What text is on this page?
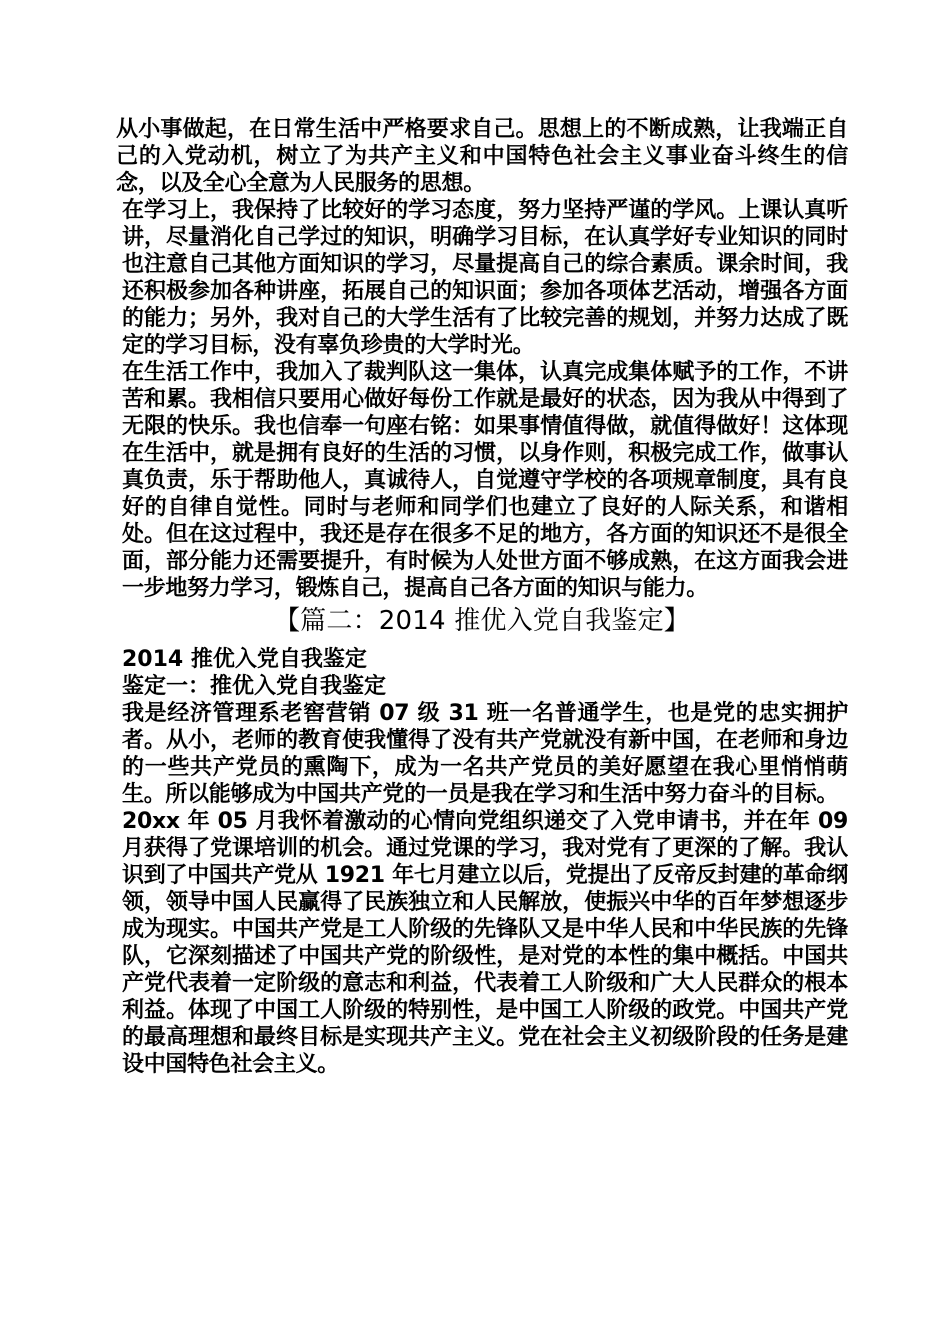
从小事做起，在日常生活中严格要求自己。思想上的不断成熟，让我端正自己的入党动机，树立了为共产主义和中国特色社会主义事业奋斗终生的信念，以及全心全意为人民服务的思想。

在学习上，我保持了比较好的学习态度，努力坚持严谨的学风。上课认真听讲，尽量消化自己学过的知识，明确学习目标，在认真学好专业知识的同时也注意自己其他方面知识的学习，尽量提高自己的综合素质。课余时间，我还积极参加各种讲座，拓展自己的知识面；参加各项体艺活动，增强各方面的能力；另外，我对自己的大学生活有了比较完善的规划，并努力达成了既定的学习目标，没有辜负珍贵的大学时光。

在生活工作中，我加入了裁判队这一集体，认真完成集体赋予的工作，不讲苦和累。我相信只要用心做好每份工作就是最好的状态，因为我从中得到了无限的快乐。我也信奉一句座右铭：如果事情值得做，就值得做好！这体现在生活中，就是拥有良好的生活的习惯，以身作则，积极完成工作，做事认真负责，乐于帮助他人，真诚待人，自觉遵守学校的各项规章制度，具有良好的自律自觉性。同时与老师和同学们也建立了良好的人际关系，和谐相处。但在这过程中，我还是存在很多不足的地方，各方面的知识还不是很全面，部分能力还需要提升，有时候为人处世方面不够成熟，在这方面我会进一步地努力学习，锻炼自己，提高自己各方面的知识与能力。

【篇二：2014 推优入党自我鉴定】

2014 推优入党自我鉴定

鉴定一：推优入党自我鉴定

我是经济管理系老窖营销 07 级 31 班一名普通学生，也是党的忠实拥护者。从小，老师的教育使我懂得了没有共产党就没有新中国，在老师和身边的一些共产党员的熏陶下，成为一名共产党员的美好愿望在我心里悄悄萌生。所以能够成为中国共产党的一员是我在学习和生活中努力奋斗的目标。

20xx 年 05 月我怀着激动的心情向党组织递交了入党申请书，并在年 09 月获得了党课培训的机会。通过党课的学习，我对党有了更深的了解。我认识到了中国共产党从 1921 年七月建立以后，党提出了反帝反封建的革命纲领，领导中国人民赢得了民族独立和人民解放，使振兴中华的百年梦想逐步成为现实。中国共产党是工人阶级的先锋队又是中华人民和中华民族的先锋队，它深刻描述了中国共产党的阶级性，是对党的本性的集中概括。中国共产党代表着一定阶级的意志和利益，代表着工人阶级和广大人民群众的根本利益。体现了中国工人阶级的特别性，是中国工人阶级的政党。中国共产党的最高理想和最终目标是实现共产主义。党在社会主义初级阶段的任务是建设中国特色社会主义。
